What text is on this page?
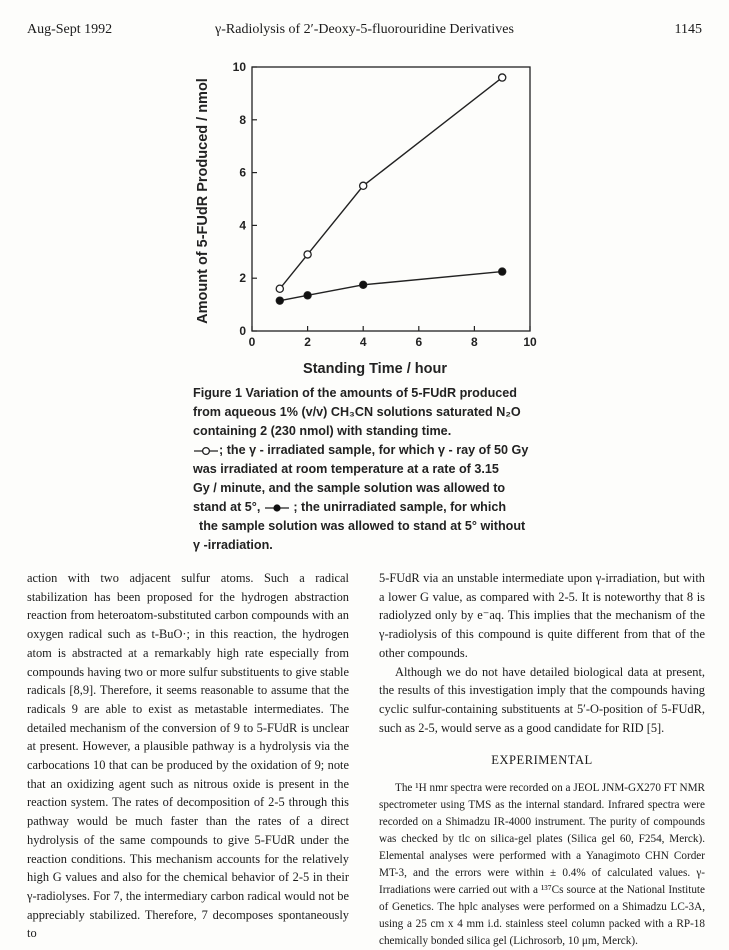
Aug-Sept 1992	γ-Radiolysis of 2′-Deoxy-5-fluorouridine Derivatives	1145
0	2	4	6	8	10
0
2
4
6
8
10
Standing Time / hour
Amount of 5-FUdR Produced / nmol
Figure 1 Variation of the amounts of 5-FUdR produced
from aqueous 1% (v/v) CH₃CN solutions saturated N₂O
containing 2 (230 nmol) with standing time.
; the γ - irradiated sample, for which γ - ray of 50 Gy
was irradiated at room temperature at a rate of 3.15
Gy / minute, and the sample solution was allowed to
stand at 5°,	; the unirradiated sample, for which
the sample solution was allowed to stand at 5° without
γ -irradiation.

action with two adjacent sulfur atoms. Such a radical stabilization has been proposed for the hydrogen abstraction reaction from heteroatom-substituted carbon compounds with an oxygen radical such as t-BuO·; in this reaction, the hydrogen atom is abstracted at a remarkably high rate especially from compounds having two or more sulfur substituents to give stable radicals [8,9]. Therefore, it seems reasonable to assume that the radicals 9 are able to exist as metastable intermediates. The detailed mechanism of the conversion of 9 to 5-FUdR is unclear at present. However, a plausible pathway is a hydrolysis via the carbocations 10 that can be produced by the oxidation of 9; note that an oxidizing agent such as nitrous oxide is present in the reaction system. The rates of decomposition of 2-5 through this pathway would be much faster than the rates of a direct hydrolysis of the same compounds to give 5-FUdR under the reaction conditions. This mechanism accounts for the relatively high G values and also for the chemical behavior of 2-5 in their γ-radiolyses. For 7, the intermediary carbon radical would not be appreciably stabilized. Therefore, 7 decomposes spontaneously to

5-FUdR via an unstable intermediate upon γ-irradiation, but with a lower G value, as compared with 2-5. It is noteworthy that 8 is radiolyzed only by e⁻aq. This implies that the mechanism of the γ-radiolysis of this compound is quite different from that of the other compounds.

Although we do not have detailed biological data at present, the results of this investigation imply that the compounds having cyclic sulfur-containing substituents at 5′-O-position of 5-FUdR, such as 2-5, would serve as a good candidate for RID [5].

EXPERIMENTAL

The ¹H nmr spectra were recorded on a JEOL JNM-GX270 FT NMR spectrometer using TMS as the internal standard. Infrared spectra were recorded on a Shimadzu IR-4000 instrument. The purity of compounds was checked by tlc on silica-gel plates (Silica gel 60, F254, Merck). Elemental analyses were performed with a Yanagimoto CHN Corder MT-3, and the errors were within ± 0.4% of calculated values. γ-Irradiations were carried out with a ¹³⁷Cs source at the National Institute of Genetics. The hplc analyses were performed on a Shimadzu LC-3A, using a 25 cm x 4 mm i.d. stainless steel column packed with a RP-18 chemically bonded silica gel (Lichrosorb, 10 μm, Merck).
